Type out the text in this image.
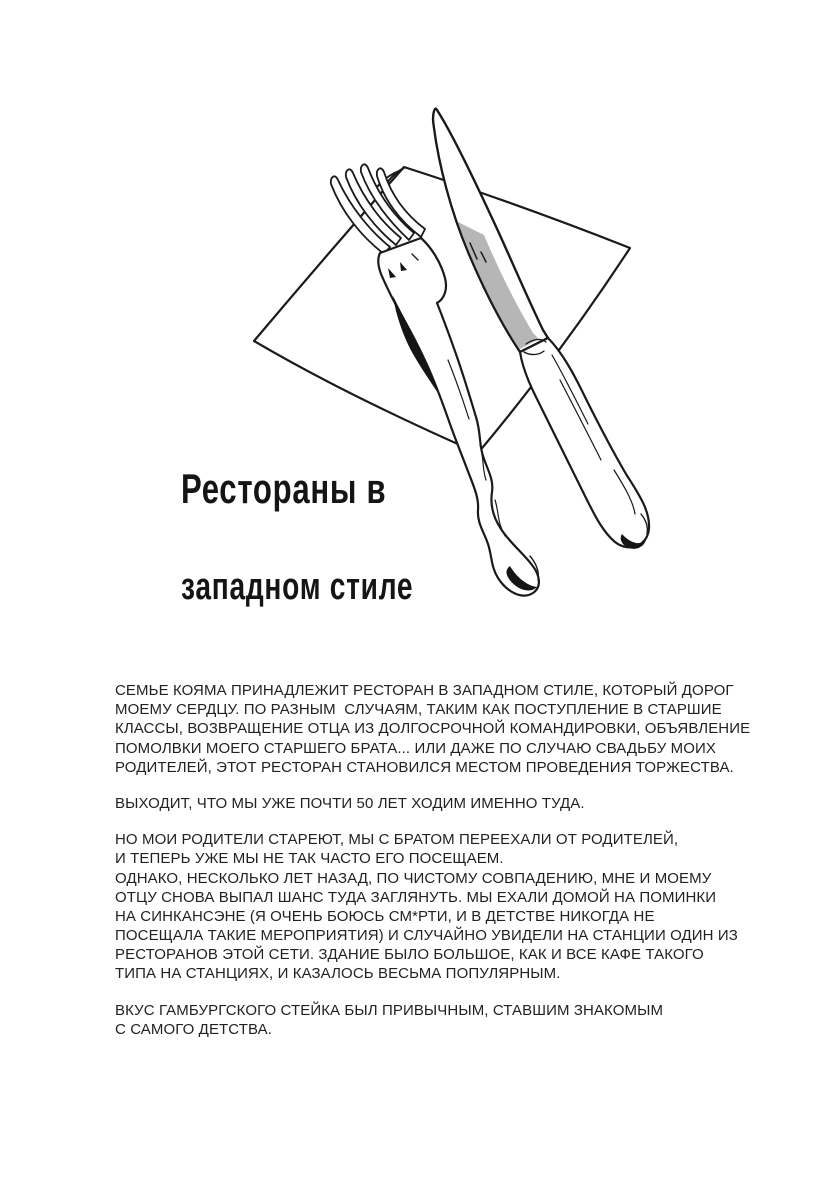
Рестораны в

западном стиле

СЕМЬЕ КОЯМА ПРИНАДЛЕЖИТ РЕСТОРАН В ЗАПАДНОМ СТИЛЕ, КОТОРЫЙ ДОРОГ
МОЕМУ СЕРДЦУ. ПО РАЗНЫМ  СЛУЧАЯМ, ТАКИМ КАК ПОСТУПЛЕНИЕ В СТАРШИЕ
КЛАССЫ, ВОЗВРАЩЕНИЕ ОТЦА ИЗ ДОЛГОСРОЧНОЙ КОМАНДИРОВКИ, ОБЪЯВЛЕНИЕ
ПОМОЛВКИ МОЕГО СТАРШЕГО БРАТА... ИЛИ ДАЖЕ ПО СЛУЧАЮ СВАДЬБУ МОИХ
РОДИТЕЛЕЙ, ЭТОТ РЕСТОРАН СТАНОВИЛСЯ МЕСТОМ ПРОВЕДЕНИЯ ТОРЖЕСТВА.
ВЫХОДИТ, ЧТО МЫ УЖЕ ПОЧТИ 50 ЛЕТ ХОДИМ ИМЕННО ТУДА.
НО МОИ РОДИТЕЛИ СТАРЕЮТ, МЫ С БРАТОМ ПЕРЕЕХАЛИ ОТ РОДИТЕЛЕЙ,
И ТЕПЕРЬ УЖЕ МЫ НЕ ТАК ЧАСТО ЕГО ПОСЕЩАЕМ.
ОДНАКО, НЕСКОЛЬКО ЛЕТ НАЗАД, ПО ЧИСТОМУ СОВПАДЕНИЮ, МНЕ И МОЕМУ
ОТЦУ СНОВА ВЫПАЛ ШАНС ТУДА ЗАГЛЯНУТЬ. МЫ ЕХАЛИ ДОМОЙ НА ПОМИНКИ
НА СИНКАНСЭНЕ (Я ОЧЕНЬ БОЮСЬ СМ*РТИ, И В ДЕТСТВЕ НИКОГДА НЕ
ПОСЕЩАЛА ТАКИЕ МЕРОПРИЯТИЯ) И СЛУЧАЙНО УВИДЕЛИ НА СТАНЦИИ ОДИН ИЗ
РЕСТОРАНОВ ЭТОЙ СЕТИ. ЗДАНИЕ БЫЛО БОЛЬШОЕ, КАК И ВСЕ КАФЕ ТАКОГО
ТИПА НА СТАНЦИЯХ, И КАЗАЛОСЬ ВЕСЬМА ПОПУЛЯРНЫМ.
ВКУС ГАМБУРГСКОГО СТЕЙКА БЫЛ ПРИВЫЧНЫМ, СТАВШИМ ЗНАКОМЫМ
С САМОГО ДЕТСТВА.
